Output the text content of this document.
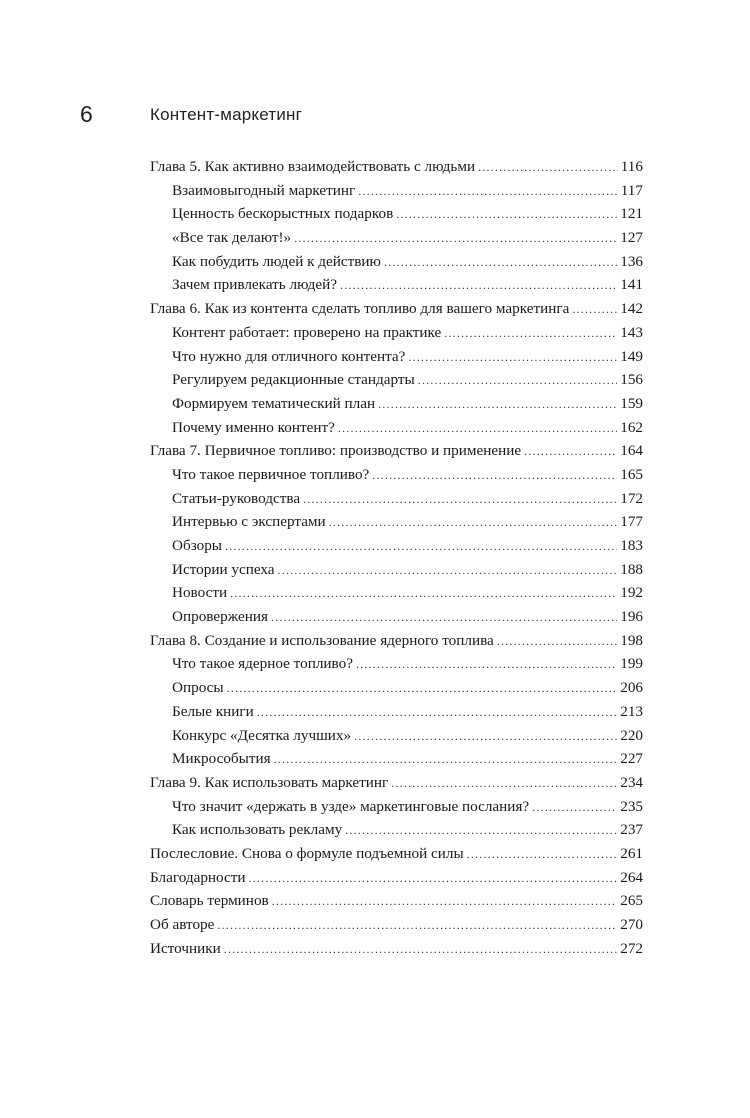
6	Контент-маркетинг
Глава 5. Как активно взаимодействовать с людьми .....	116
Взаимовыгодный маркетинг .....	117
Ценность бескорыстных подарков .....	121
«Все так делают!» .....	127
Как побудить людей к действию .....	136
Зачем привлекать людей? .....	141
Глава 6. Как из контента сделать топливо для вашего маркетинга .....	142
Контент работает: проверено на практике .....	143
Что нужно для отличного контента? .....	149
Регулируем редакционные стандарты .....	156
Формируем тематический план .....	159
Почему именно контент? .....	162
Глава 7. Первичное топливо: производство и применение .....	164
Что такое первичное топливо? .....	165
Статьи-руководства .....	172
Интервью с экспертами .....	177
Обзоры .....	183
Истории успеха .....	188
Новости .....	192
Опровержения .....	196
Глава 8. Создание и использование ядерного топлива .....	198
Что такое ядерное топливо? .....	199
Опросы .....	206
Белые книги .....	213
Конкурс «Десятка лучших» .....	220
Микрособытия .....	227
Глава 9. Как использовать маркетинг .....	234
Что значит «держать в узде» маркетинговые послания? .....	235
Как использовать рекламу .....	237
Послесловие. Снова о формуле подъемной силы .....	261
Благодарности .....	264
Словарь терминов .....	265
Об авторе .....	270
Источники .....	272
